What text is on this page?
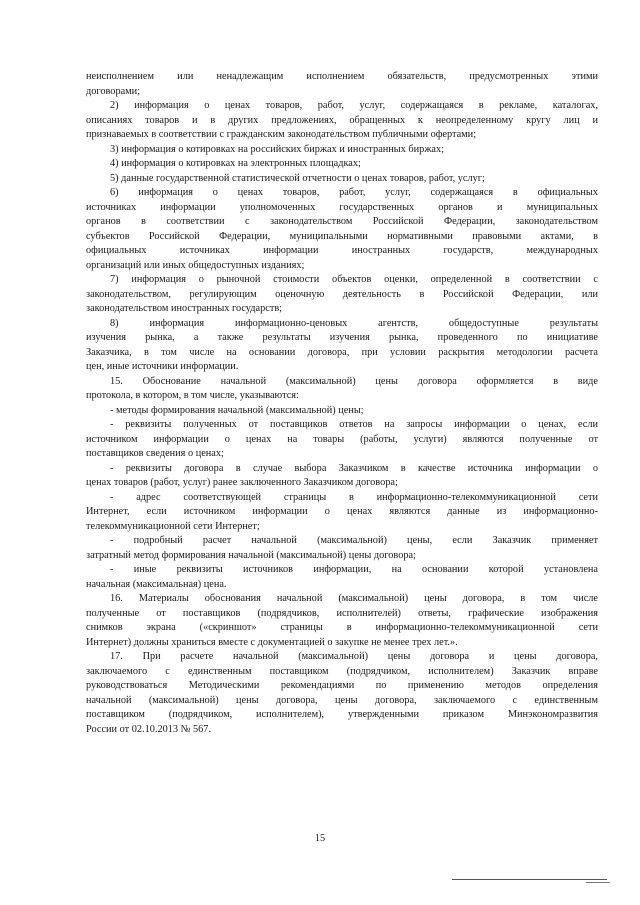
неисполнением или ненадлежащим исполнением обязательств, предусмотренных этими
договорами;

2) информация о ценах товаров, работ, услуг, содержащаяся в рекламе, каталогах,
описаниях товаров и в других предложениях, обращенных к неопределенному кругу лиц и
признаваемых в соответствии с гражданским законодательством публичными офертами;

3) информация о котировках на российских биржах и иностранных биржах;

4) информация о котировках на электронных площадках;

5) данные государственной статистической отчетности о ценах товаров, работ, услуг;

6) информация о ценах товаров, работ, услуг, содержащаяся в официальных
источниках информации уполномоченных государственных органов и муниципальных
органов в соответствии с законодательством Российской Федерации, законодательством
субъектов Российской Федерации, муниципальными нормативными правовыми актами, в
официальных источниках информации иностранных государств, международных
организаций или иных общедоступных изданиях;

7) информация о рыночной стоимости объектов оценки, определенной в соответствии с
законодательством, регулирующим оценочную деятельность в Российской Федерации, или
законодательством иностранных государств;

8) информация информационно-ценовых агентств, общедоступные результаты
изучения рынка, а также результаты изучения рынка, проведенного по инициативе
Заказчика, в том числе на основании договора, при условии раскрытия методологии расчета
цен, иные источники информации.

15. Обоснование начальной (максимальной) цены договора оформляется в виде
протокола, в котором, в том числе, указываются:

- методы формирования начальной (максимальной) цены;

- реквизиты полученных от поставщиков ответов на запросы информации о ценах, если
источником информации о ценах на товары (работы, услуги) являются полученные от
поставщиков сведения о ценах;

- реквизиты договора в случае выбора Заказчиком в качестве источника информации о
ценах товаров (работ, услуг) ранее заключенного Заказчиком договора;

- адрес соответствующей страницы в информационно-телекоммуникационной сети
Интернет, если источником информации о ценах являются данные из информационно-
телекоммуникационной сети Интернет;

- подробный расчет начальной (максимальной) цены, если Заказчик применяет
затратный метод формирования начальной (максимальной) цены договора;

- иные реквизиты источников информации, на основании которой установлена
начальная (максимальная) цена.

16. Материалы обоснования начальной (максимальной) цены договора, в том числе
полученные от поставщиков (подрядчиков, исполнителей) ответы, графические изображения
снимков экрана («скриншот» страницы в информационно-телекоммуникационной сети
Интернет) должны храниться вместе с документацией о закупке не менее трех лет.».

17. При расчете начальной (максимальной) цены договора и цены договора,
заключаемого с единственным поставщиком (подрядчиком, исполнителем) Заказчик вправе
руководствоваться Методическими рекомендациями по применению методов определения
начальной (максимальной) цены договора, цены договора, заключаемого с единственным
поставщиком (подрядчиком, исполнителем), утвержденными приказом Минэкономразвития
России от 02.10.2013 № 567.

15
